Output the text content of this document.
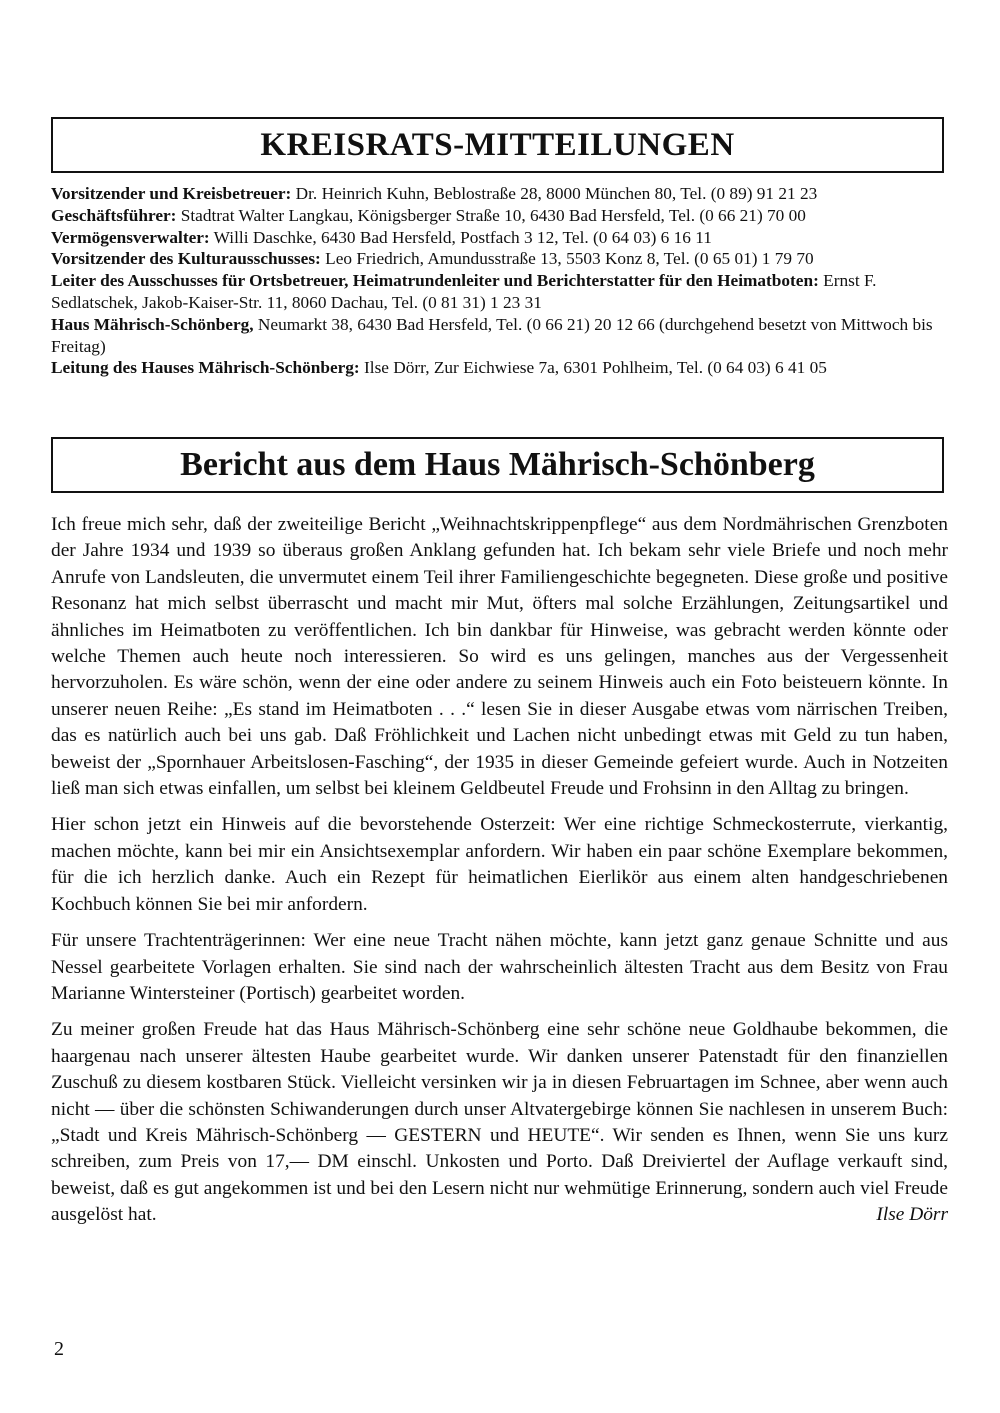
KREISRATS-MITTEILUNGEN

Vorsitzender und Kreisbetreuer: Dr. Heinrich Kuhn, Beblostraße 28, 8000 München 80, Tel. (0 89) 91 21 23

Geschäftsführer: Stadtrat Walter Langkau, Königsberger Straße 10, 6430 Bad Hersfeld, Tel. (0 66 21) 70 00

Vermögensverwalter: Willi Daschke, 6430 Bad Hersfeld, Postfach 3 12, Tel. (0 64 03) 6 16 11

Vorsitzender des Kulturausschusses: Leo Friedrich, Amundusstraße 13, 5503 Konz 8, Tel. (0 65 01) 1 79 70

Leiter des Ausschusses für Ortsbetreuer, Heimatrundenleiter und Berichterstatter für den Heimatboten: Ernst F. Sedlatschek, Jakob-Kaiser-Str. 11, 8060 Dachau, Tel. (0 81 31) 1 23 31

Haus Mährisch-Schönberg, Neumarkt 38, 6430 Bad Hersfeld, Tel. (0 66 21) 20 12 66 (durchgehend besetzt von Mittwoch bis Freitag)

Leitung des Hauses Mährisch-Schönberg: Ilse Dörr, Zur Eichwiese 7a, 6301 Pohlheim, Tel. (0 64 03) 6 41 05

Bericht aus dem Haus Mährisch-Schönberg

Ich freue mich sehr, daß der zweiteilige Bericht „Weihnachtskrippenpflege“ aus dem Nordmährischen Grenzboten der Jahre 1934 und 1939 so überaus großen Anklang gefunden hat. Ich bekam sehr viele Briefe und noch mehr Anrufe von Landsleuten, die unvermutet einem Teil ihrer Familiengeschichte begegneten. Diese große und positive Resonanz hat mich selbst überrascht und macht mir Mut, öfters mal solche Erzählungen, Zeitungsartikel und ähnliches im Heimatboten zu veröffentlichen. Ich bin dankbar für Hinweise, was gebracht werden könnte oder welche Themen auch heute noch interessieren. So wird es uns gelingen, manches aus der Vergessenheit hervorzuholen. Es wäre schön, wenn der eine oder andere zu seinem Hinweis auch ein Foto beisteuern könnte. In unserer neuen Reihe: „Es stand im Heimatboten . . .“ lesen Sie in dieser Ausgabe etwas vom närrischen Treiben, das es natürlich auch bei uns gab. Daß Fröhlichkeit und Lachen nicht unbedingt etwas mit Geld zu tun haben, beweist der „Spornhauer Arbeitslosen-Fasching“, der 1935 in dieser Gemeinde gefeiert wurde. Auch in Notzeiten ließ man sich etwas einfallen, um selbst bei kleinem Geldbeutel Freude und Frohsinn in den Alltag zu bringen.

Hier schon jetzt ein Hinweis auf die bevorstehende Osterzeit: Wer eine richtige Schmeckosterrute, vierkantig, machen möchte, kann bei mir ein Ansichtsexemplar anfordern. Wir haben ein paar schöne Exemplare bekommen, für die ich herzlich danke. Auch ein Rezept für heimatlichen Eierlikör aus einem alten handgeschriebenen Kochbuch können Sie bei mir anfordern.

Für unsere Trachtenträgerinnen: Wer eine neue Tracht nähen möchte, kann jetzt ganz genaue Schnitte und aus Nessel gearbeitete Vorlagen erhalten. Sie sind nach der wahrscheinlich ältesten Tracht aus dem Besitz von Frau Marianne Wintersteiner (Portisch) gearbeitet worden.

Zu meiner großen Freude hat das Haus Mährisch-Schönberg eine sehr schöne neue Goldhaube bekommen, die haargenau nach unserer ältesten Haube gearbeitet wurde. Wir danken unserer Patenstadt für den finanziellen Zuschuß zu diesem kostbaren Stück. Vielleicht versinken wir ja in diesen Februartagen im Schnee, aber wenn auch nicht — über die schönsten Schiwanderungen durch unser Altvatergebirge können Sie nachlesen in unserem Buch: „Stadt und Kreis Mährisch-Schönberg — GESTERN und HEUTE“. Wir senden es Ihnen, wenn Sie uns kurz schreiben, zum Preis von 17,— DM einschl. Unkosten und Porto. Daß Dreiviertel der Auflage verkauft sind, beweist, daß es gut angekommen ist und bei den Lesern nicht nur wehmütige Erinnerung, sondern auch viel Freude ausgelöst hat.	Ilse Dörr

2
